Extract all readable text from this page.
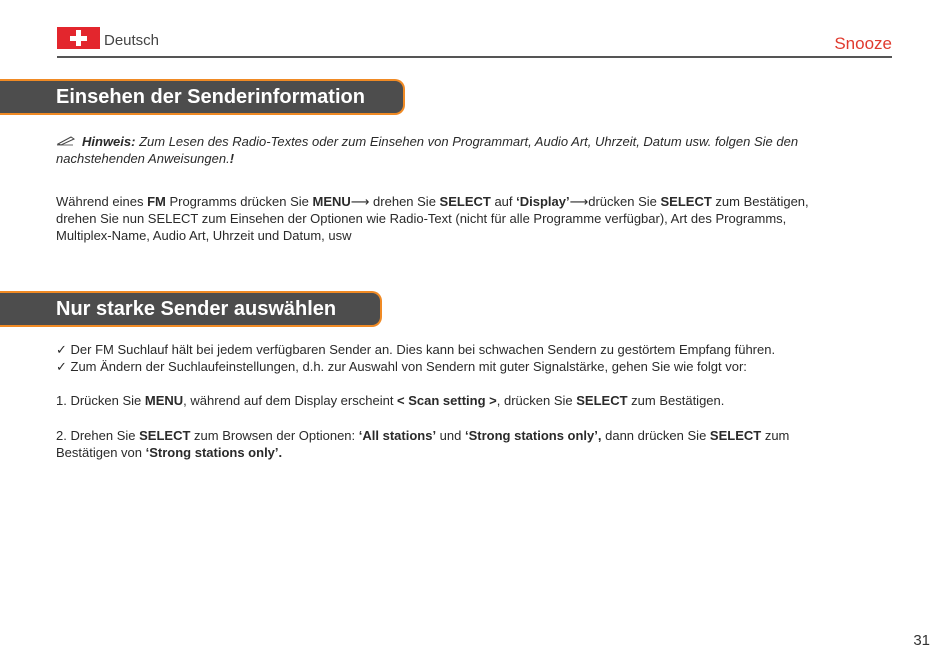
Deutsch	Snooze
Einsehen der Senderinformation
Hinweis: Zum Lesen des Radio-Textes oder zum Einsehen von Programmart, Audio Art, Uhrzeit, Datum usw. folgen Sie den nachstehenden Anweisungen.!
Während eines FM Programms drücken Sie MENU⟶ drehen Sie SELECT auf ‘Display’⟶drücken Sie SELECT zum Bestätigen, drehen Sie nun SELECT zum Einsehen der Optionen wie Radio-Text (nicht für alle Programme verfügbar), Art des Programms, Multiplex-Name, Audio Art, Uhrzeit und Datum, usw
Nur starke Sender auswählen
✓ Der FM Suchlauf hält bei jedem verfügbaren Sender an. Dies kann bei schwachen Sendern zu gestörtem Empfang führen.
✓ Zum Ändern der Suchlaufeinstellungen, d.h. zur Auswahl von Sendern mit guter Signalstärke, gehen Sie wie folgt vor:
1. Drücken Sie MENU, während auf dem Display erscheint < Scan setting >, drücken Sie SELECT zum Bestätigen.
2. Drehen Sie SELECT zum Browsen der Optionen: ‘All stations’ und ‘Strong stations only’, dann drücken Sie SELECT zum Bestätigen von ‘Strong stations only’.
31
